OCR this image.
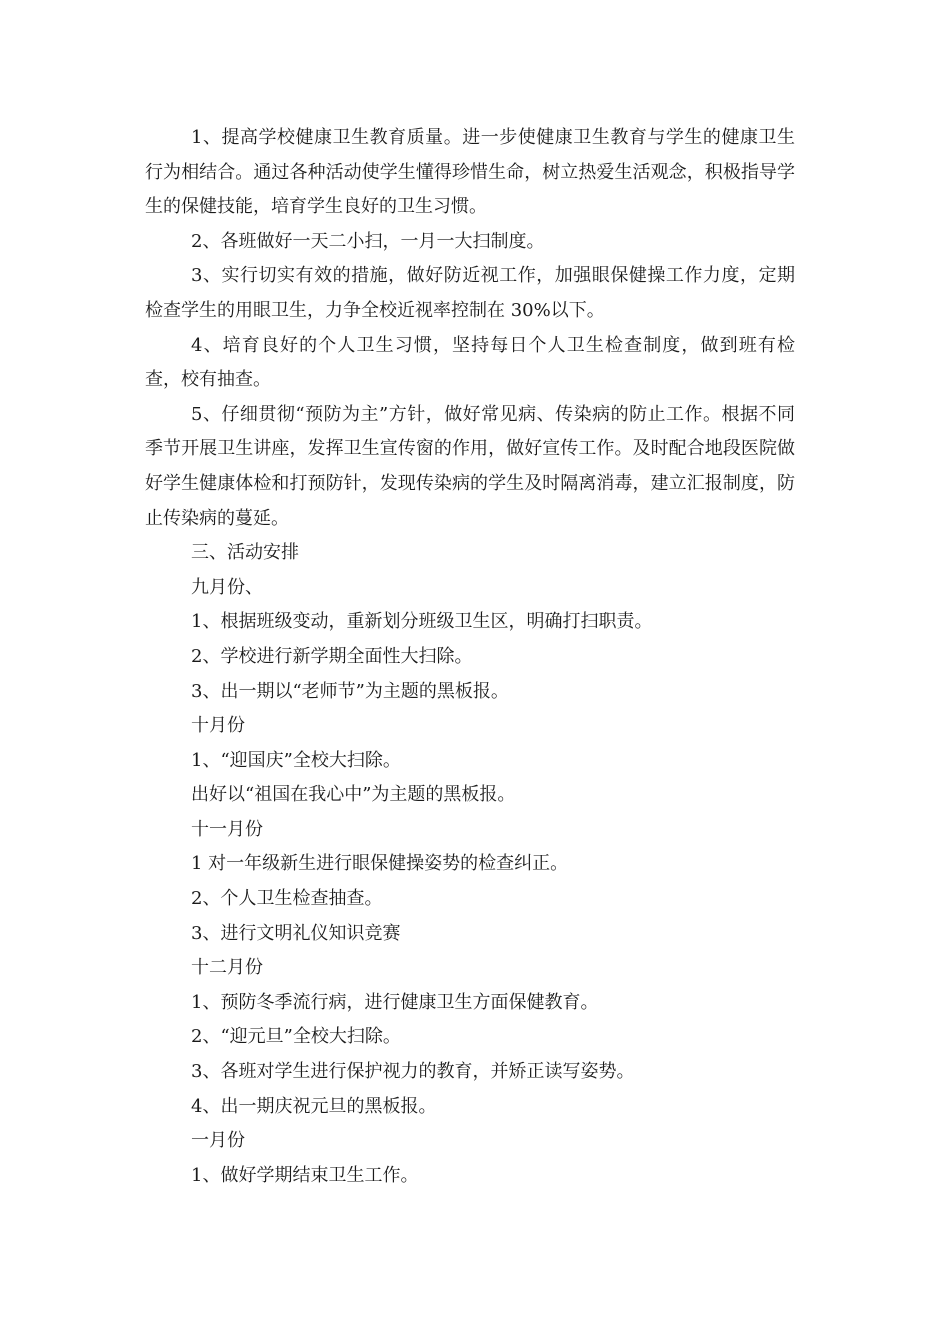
1、提高学校健康卫生教育质量。进一步使健康卫生教育与学生的健康卫生行为相结合。通过各种活动使学生懂得珍惜生命，树立热爱生活观念，积极指导学生的保健技能，培育学生良好的卫生习惯。

2、各班做好一天二小扫，一月一大扫制度。

3、实行切实有效的措施，做好防近视工作，加强眼保健操工作力度，定期检查学生的用眼卫生，力争全校近视率控制在 30%以下。

4、培育良好的个人卫生习惯，坚持每日个人卫生检查制度，做到班有检查，校有抽查。

5、仔细贯彻“预防为主”方针，做好常见病、传染病的防止工作。根据不同季节开展卫生讲座，发挥卫生宣传窗的作用，做好宣传工作。及时配合地段医院做好学生健康体检和打预防针，发现传染病的学生及时隔离消毒，建立汇报制度，防止传染病的蔓延。

三、活动安排

九月份、

1、根据班级变动，重新划分班级卫生区，明确打扫职责。

2、学校进行新学期全面性大扫除。

3、出一期以“老师节”为主题的黑板报。

十月份

1、“迎国庆”全校大扫除。

出好以“祖国在我心中”为主题的黑板报。

十一月份

1 对一年级新生进行眼保健操姿势的检查纠正。

2、个人卫生检查抽查。

3、进行文明礼仪知识竞赛

十二月份

1、预防冬季流行病，进行健康卫生方面保健教育。

2、“迎元旦”全校大扫除。

3、各班对学生进行保护视力的教育，并矫正读写姿势。

4、出一期庆祝元旦的黑板报。

一月份

1、做好学期结束卫生工作。
